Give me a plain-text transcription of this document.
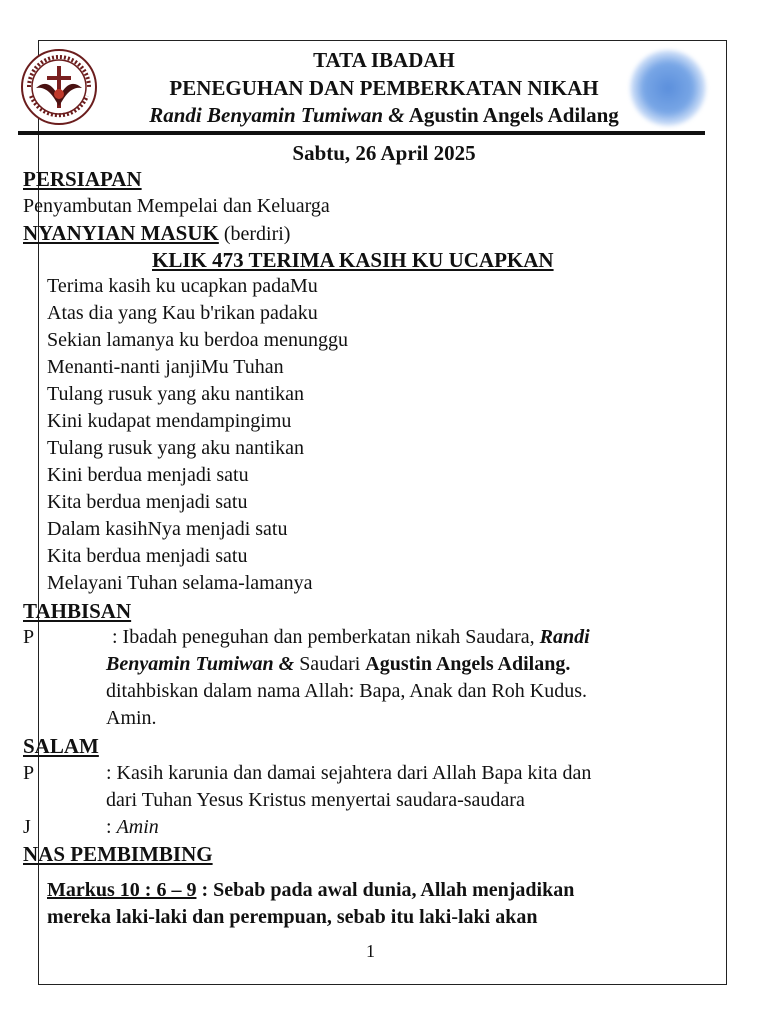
TATA IBADAH
PENEGUHAN DAN PEMBERKATAN NIKAH
Randi Benyamin Tumiwan & Agustin Angels Adilang
Sabtu, 26 April 2025
PERSIAPAN
Penyambutan Mempelai dan Keluarga
NYANYIAN MASUK (berdiri)
KLIK 473 TERIMA KASIH KU UCAPKAN
Terima kasih ku ucapkan padaMu
Atas dia yang Kau b'rikan padaku
Sekian lamanya ku berdoa menunggu
Menanti-nanti janjiMu Tuhan
Tulang rusuk yang aku nantikan
Kini kudapat mendampingimu
Tulang rusuk yang aku nantikan
Kini berdua menjadi satu
Kita berdua menjadi satu
Dalam kasihNya menjadi satu
Kita berdua menjadi satu
Melayani Tuhan selama-lamanya
TAHBISAN
P	: Ibadah peneguhan dan pemberkatan nikah Saudara, Randi
Benyamin Tumiwan & Saudari Agustin Angels Adilang.
ditahbiskan dalam nama Allah: Bapa, Anak dan Roh Kudus.
Amin.
SALAM
P	: Kasih karunia dan damai sejahtera dari Allah Bapa kita dan
dari Tuhan Yesus Kristus menyertai saudara-saudara
J	: Amin
NAS PEMBIMBING
Markus 10 : 6 – 9 : Sebab pada awal dunia, Allah menjadikan
mereka laki-laki dan perempuan, sebab itu laki-laki akan
1
